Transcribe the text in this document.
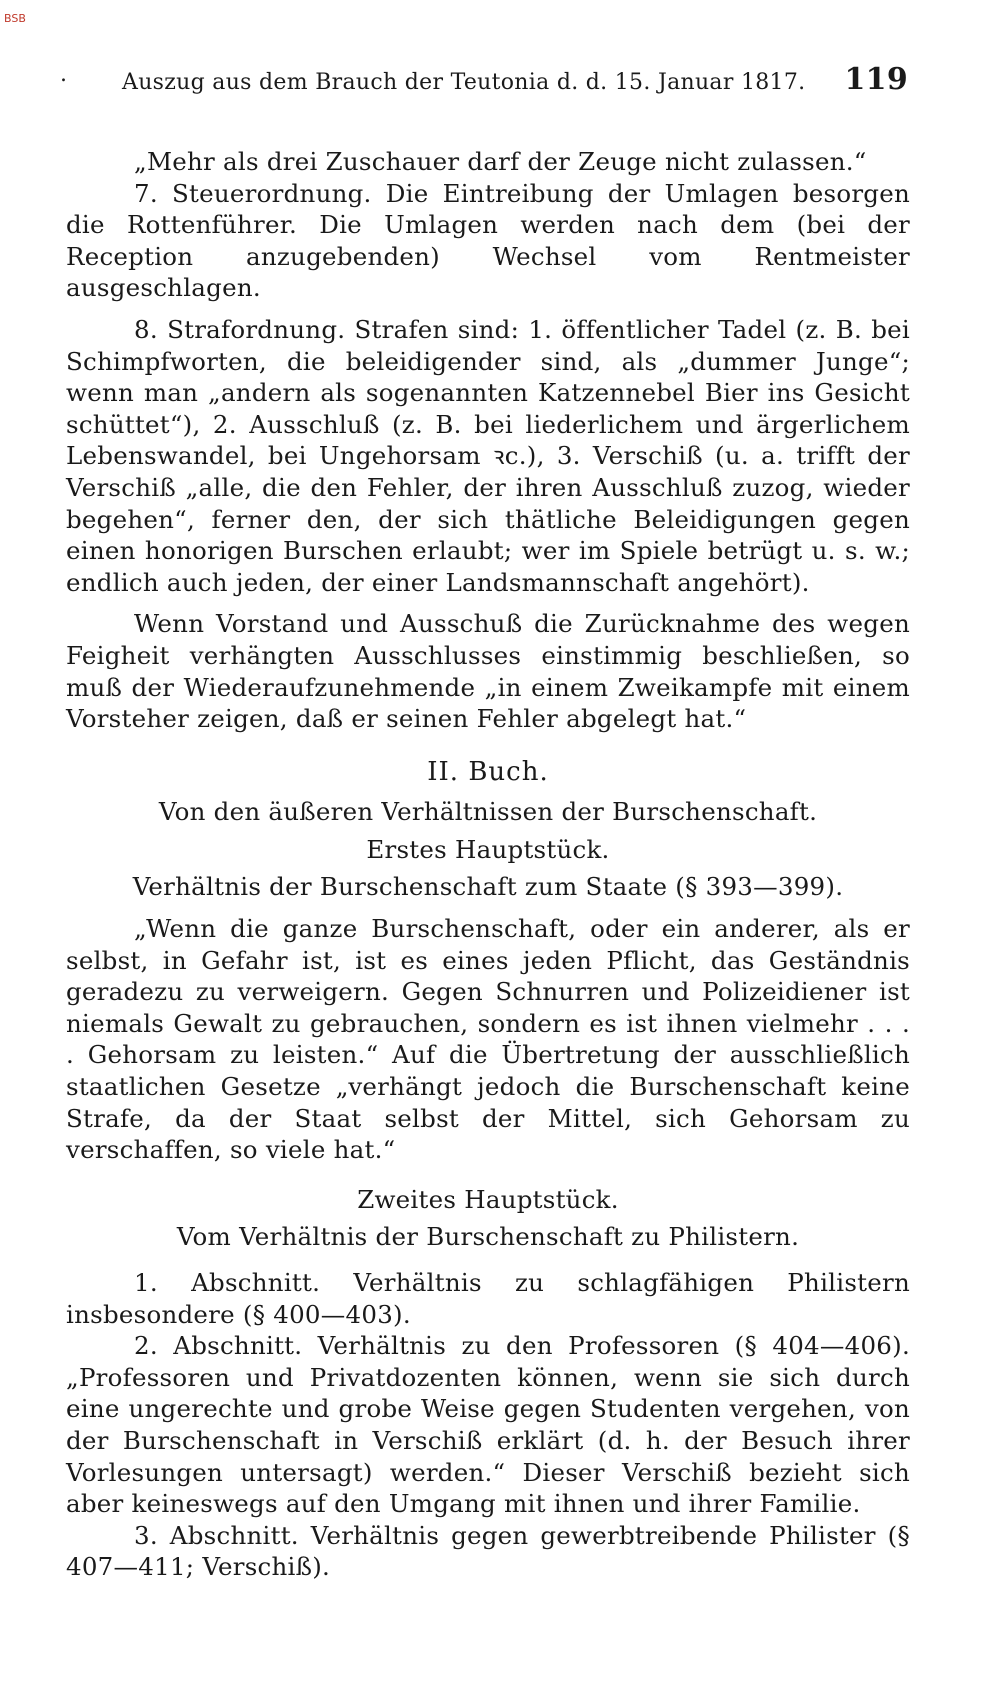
BSB
. Auszug aus dem Brauch der Teutonia d. d. 15. Januar 1817. 119

„Mehr als drei Zuschauer darf der Zeuge nicht zulassen.“

7. Steuerordnung. Die Eintreibung der Umlagen besorgen die Rottenführer. Die Umlagen werden nach dem (bei der Reception anzugebenden) Wechsel vom Rentmeister ausgeschlagen.

8. Strafordnung. Strafen sind: 1. öffentlicher Tadel (z. B. bei Schimpfworten, die beleidigender sind, als „dummer Junge“; wenn man „andern als sogenannten Katzennebel Bier ins Gesicht schüttet“), 2. Ausschluß (z. B. bei liederlichem und ärgerlichem Lebenswandel, bei Ungehorsam ꝛc.), 3. Verschiß (u. a. trifft der Verschiß „alle, die den Fehler, der ihren Ausschluß zuzog, wieder begehen“, ferner den, der sich thätliche Beleidigungen gegen einen honorigen Burschen erlaubt; wer im Spiele betrügt u. s. w.; endlich auch jeden, der einer Landsmannschaft angehört).

Wenn Vorstand und Ausschuß die Zurücknahme des wegen Feigheit verhängten Ausschlusses einstimmig beschließen, so muß der Wiederaufzunehmende „in einem Zweikampfe mit einem Vorsteher zeigen, daß er seinen Fehler abgelegt hat.“

II. Buch.

Von den äußeren Verhältnissen der Burschenschaft.

Erstes Hauptstück.

Verhältnis der Burschenschaft zum Staate (§ 393—399).

„Wenn die ganze Burschenschaft, oder ein anderer, als er selbst, in Gefahr ist, ist es eines jeden Pflicht, das Geständnis geradezu zu verweigern. Gegen Schnurren und Polizeidiener ist niemals Gewalt zu gebrauchen, sondern es ist ihnen vielmehr . . . . Gehorsam zu leisten.“ Auf die Übertretung der ausschließlich staatlichen Gesetze „verhängt jedoch die Burschenschaft keine Strafe, da der Staat selbst der Mittel, sich Gehorsam zu verschaffen, so viele hat.“

Zweites Hauptstück.

Vom Verhältnis der Burschenschaft zu Philistern.

1. Abschnitt. Verhältnis zu schlagfähigen Philistern insbesondere (§ 400—403).

2. Abschnitt. Verhältnis zu den Professoren (§ 404—406). „Professoren und Privatdozenten können, wenn sie sich durch eine ungerechte und grobe Weise gegen Studenten vergehen, von der Burschenschaft in Verschiß erklärt (d. h. der Besuch ihrer Vorlesungen untersagt) werden.“ Dieser Verschiß bezieht sich aber keineswegs auf den Umgang mit ihnen und ihrer Familie.

3. Abschnitt. Verhältnis gegen gewerbtreibende Philister (§ 407—411; Verschiß).
